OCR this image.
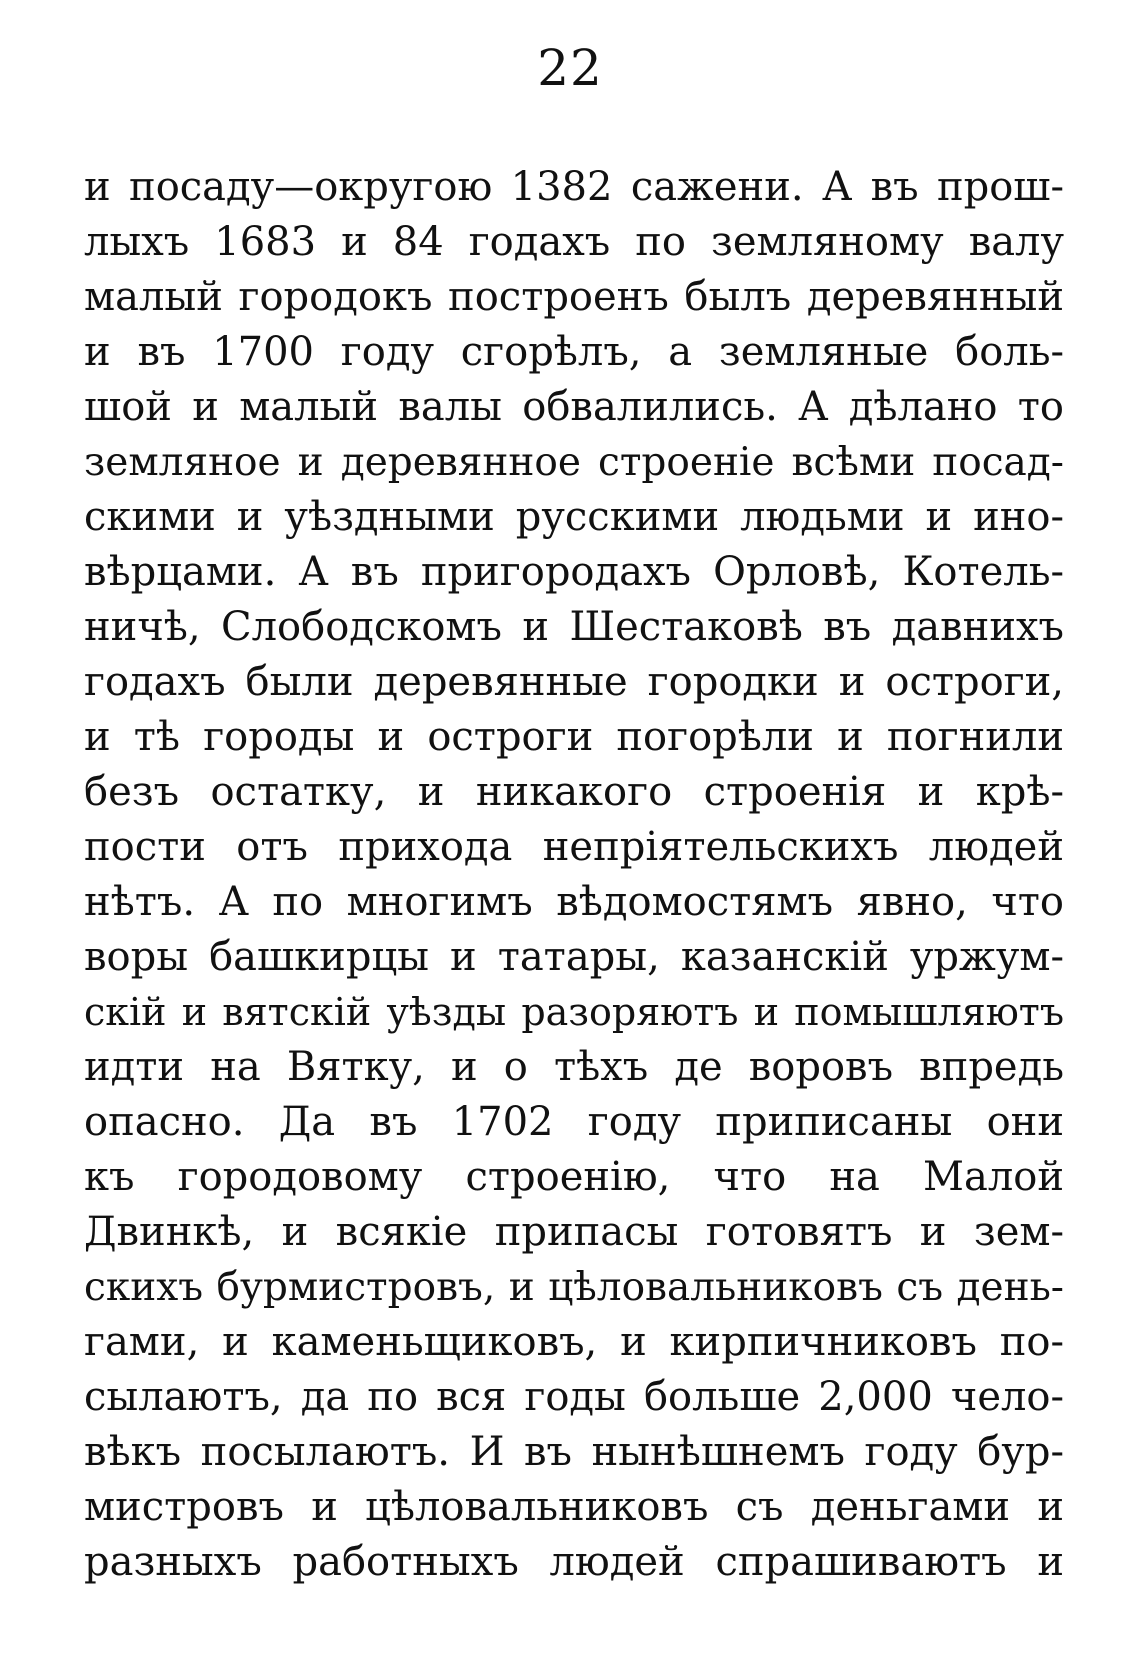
22
и посаду—округою 1382 сажени. А въ прош-
лыхъ 1683 и 84 годахъ по земляному валу
малый городокъ построенъ былъ деревянный
и въ 1700 году сгорѣлъ, а земляные боль-
шой и малый валы обвалились. А дѣлано то
земляное и деревянное строеніе всѣми посад-
скими и уѣздными русскими людьми и ино-
вѣрцами. А въ пригородахъ Орловѣ, Котель-
ничѣ, Слободскомъ и Шестаковѣ въ давнихъ
годахъ были деревянные городки и остроги,
и тѣ городы и остроги погорѣли и погнили
безъ остатку, и никакого строенія и крѣ-
пости отъ прихода непріятельскихъ людей
нѣтъ. А по многимъ вѣдомостямъ явно, что
воры башкирцы и татары, казанскій уржум-
скій и вятскій уѣзды разоряютъ и помышляютъ
идти на Вятку, и о тѣхъ де воровъ впредь
опасно. Да въ 1702 году приписаны они
къ городовому строенію, что на Малой
Двинкѣ, и всякіе припасы готовятъ и зем-
скихъ бурмистровъ, и цѣловальниковъ съ день-
гами, и каменьщиковъ, и кирпичниковъ по-
сылаютъ, да по вся годы больше 2,000 чело-
вѣкъ посылаютъ. И въ нынѣшнемъ году бур-
мистровъ и цѣловальниковъ съ деньгами и
разныхъ работныхъ людей спрашиваютъ и
